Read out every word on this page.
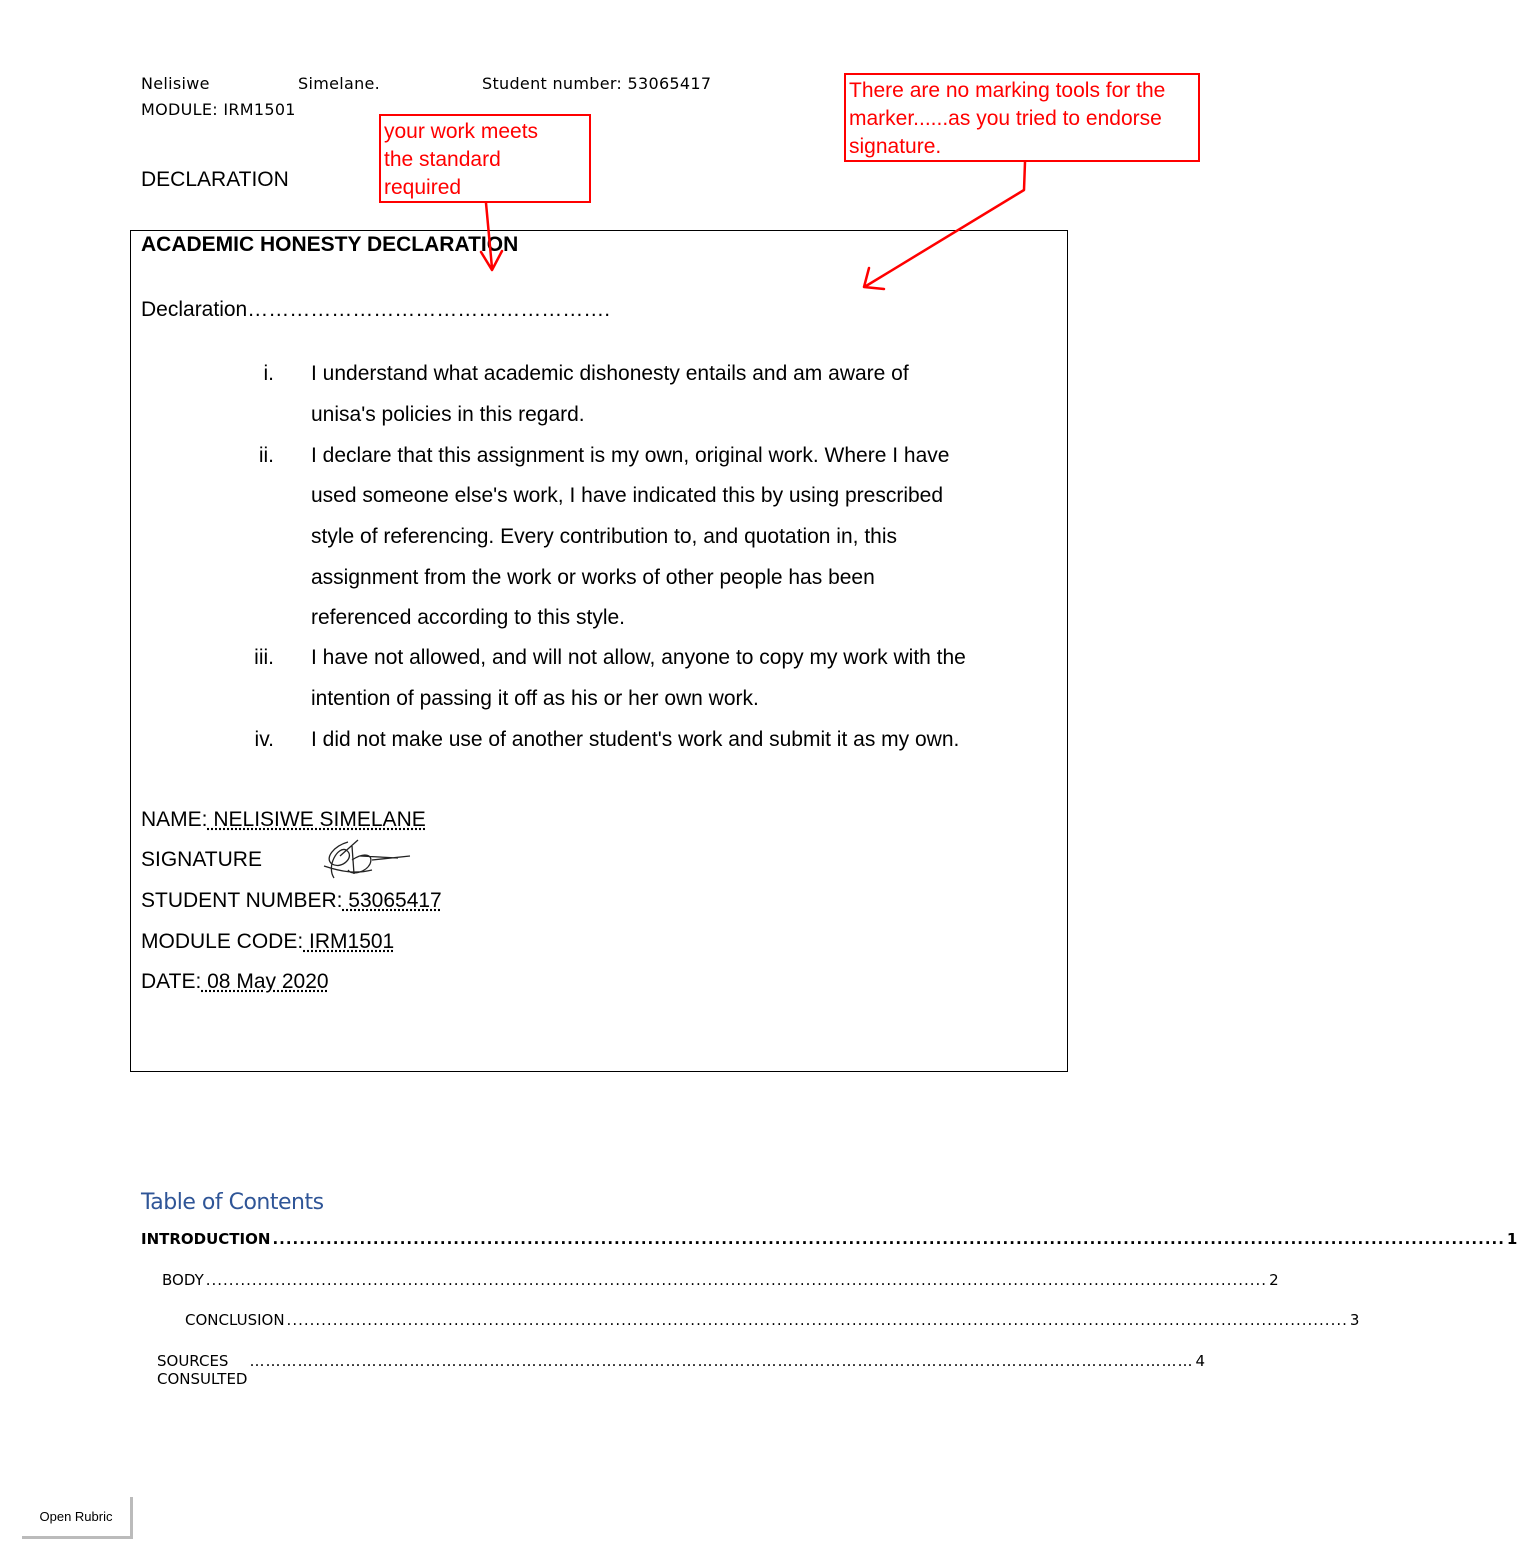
Nelisiwe	Simelane.	Student number: 53065417
MODULE: IRM1501
DECLARATION
ACADEMIC HONESTY DECLARATION
Declaration…………………………………………….
i. I understand what academic dishonesty entails and am aware of
unisa's policies in this regard.
ii. I declare that this assignment is my own, original work. Where I have
used someone else's work, I have indicated this by using prescribed
style of referencing. Every contribution to, and quotation in, this
assignment from the work or works of other people has been
referenced according to this style.
iii. I have not allowed, and will not allow, anyone to copy my work with the
intention of passing it off as his or her own work.
iv. I did not make use of another student's work and submit it as my own.
NAME: NELISIWE SIMELANE
SIGNATURE
STUDENT NUMBER: 53065417
MODULE CODE: IRM1501
DATE: 08 May 2020
your work meets
the standard
required
There are no marking tools for the
marker......as you tried to endorse
signature.
Table of Contents
INTRODUCTION ........................................................................................................................................................................................ 1
BODY ........................................................................................................................................................................................ 2
CONCLUSION ........................................................................................................................................................................................ 3
SOURCES CONSULTED
…………………………………………………………………………………………………………………………………………………………… 4
Open Rubric
